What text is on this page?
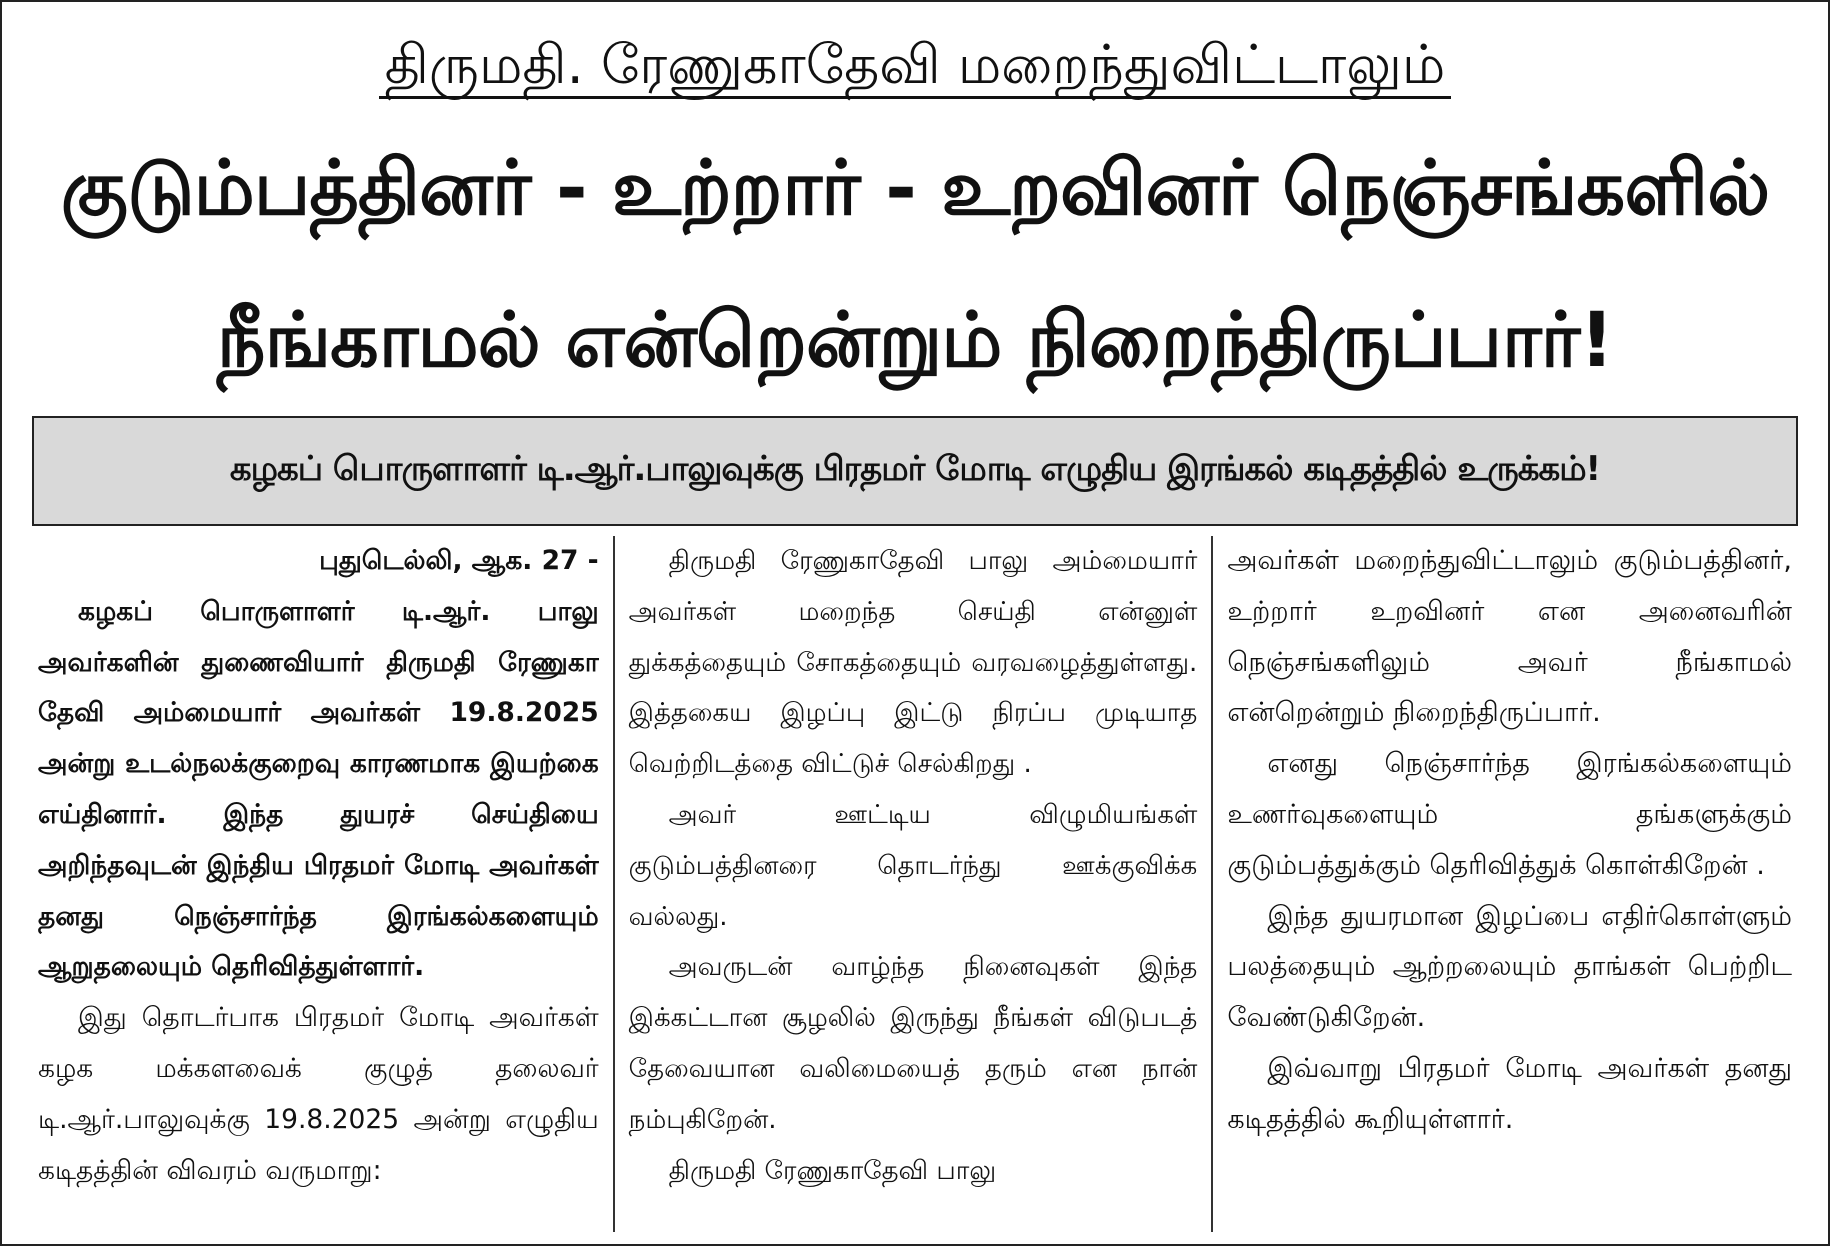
திருமதி. ரேணுகாதேவி மறைந்துவிட்டாலும்
குடும்பத்தினர் - உற்றார் - உறவினர் நெஞ்சங்களில்
நீங்காமல் என்றென்றும் நிறைந்திருப்பார்!
கழகப் பொருளாளர் டி.ஆர்.பாலுவுக்கு பிரதமர் மோடி எழுதிய இரங்கல் கடிதத்தில் உருக்கம்!

புதுடெல்லி, ஆக. 27 -

கழகப் பொருளாளர் டி.ஆர். பாலு அவர்களின் துணைவியார் திருமதி ரேணுகா தேவி அம்மையார் அவர்கள் 19.8.2025 அன்று உடல்நலக்குறைவு காரணமாக இயற்கை எய்தினார். இந்த துயரச் செய்தியை அறிந்தவுடன் இந்திய பிரதமர் மோடி அவர்கள் தனது நெஞ்சார்ந்த இரங்கல்களையும் ஆறுதலையும் தெரிவித்துள்ளார்.

இது தொடர்பாக பிரதமர் மோடி அவர்கள் கழக மக்களவைக் குழுத் தலைவர் டி.ஆர்.பாலுவுக்கு 19.8.2025 அன்று எழுதிய கடிதத்தின் விவரம் வருமாறு:

திருமதி ரேணுகாதேவி பாலு அம்மையார் அவர்கள் மறைந்த செய்தி என்னுள் துக்கத்தையும் சோகத்தையும் வரவழைத்துள்ளது. இத்தகைய இழப்பு இட்டு நிரப்ப முடியாத வெற்றிடத்தை விட்டுச் செல்கிறது .

அவர் ஊட்டிய விழுமியங்கள் குடும்பத்தினரை தொடர்ந்து ஊக்குவிக்க வல்லது.

அவருடன் வாழ்ந்த நினைவுகள் இந்த இக்கட்டான சூழலில் இருந்து நீங்கள் விடுபடத் தேவையான வலிமையைத் தரும் என நான் நம்புகிறேன்.

திருமதி ரேணுகாதேவி பாலு

அவர்கள் மறைந்துவிட்டாலும் குடும்பத்தினர், உற்றார் உறவினர் என அனைவரின் நெஞ்சங்களிலும் அவர் நீங்காமல் என்றென்றும் நிறைந்திருப்பார்.

எனது நெஞ்சார்ந்த இரங்கல்களையும் உணர்வுகளையும் தங்களுக்கும் குடும்பத்துக்கும் தெரிவித்துக் கொள்கிறேன் .

இந்த துயரமான இழப்பை எதிர்கொள்ளும் பலத்தையும் ஆற்றலையும் தாங்கள் பெற்றிட வேண்டுகிறேன்.

இவ்வாறு பிரதமர் மோடி அவர்கள் தனது கடிதத்தில் கூறியுள்ளார்.
